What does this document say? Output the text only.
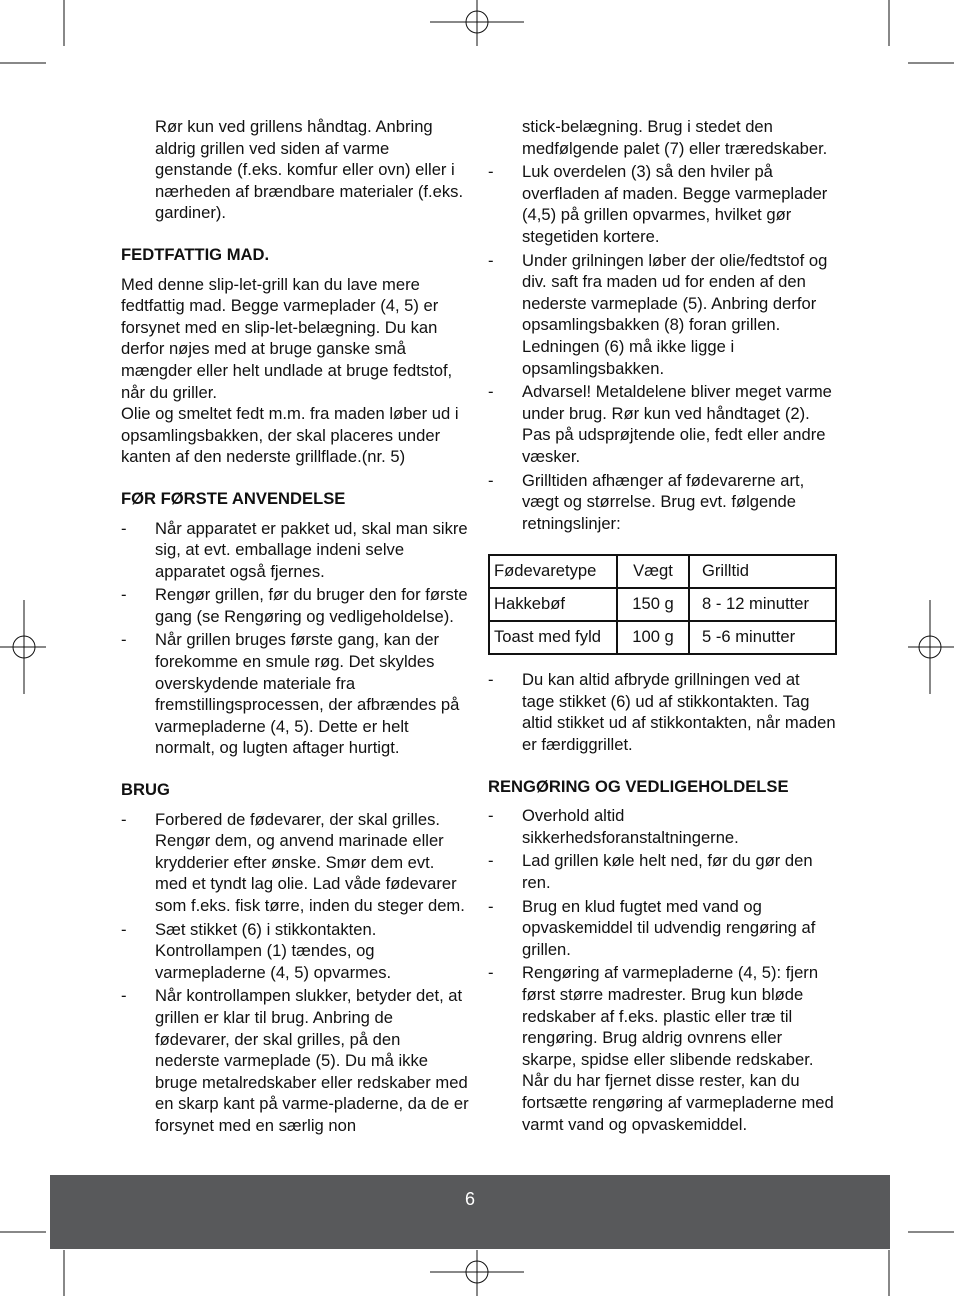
Rør kun ved grillens håndtag. Anbring aldrig grillen ved siden af varme genstande (f.eks. komfur eller ovn) eller i nærheden af brændbare materialer (f.eks. gardiner).

FEDTFATTIG MAD.

Med denne slip-let-grill kan du lave mere fedtfattig mad. Begge varmeplader (4, 5) er forsynet med en slip-let-belægning. Du kan derfor nøjes med at bruge ganske små mængder eller helt undlade at bruge fedtstof, når du griller.

Olie og smeltet fedt m.m. fra maden løber ud i opsamlingsbakken, der skal placeres under kanten af den nederste grillflade.(nr. 5)

FØR FØRSTE ANVENDELSE

- Når apparatet er pakket ud, skal man sikre sig, at evt. emballage indeni selve apparatet også fjernes.

- Rengør grillen, før du bruger den for første gang (se Rengøring og vedligeholdelse).

- Når grillen bruges første gang, kan der forekomme en smule røg. Det skyldes overskydende materiale fra fremstillingsprocessen, der afbrændes på varmepladerne (4, 5). Dette er helt normalt, og lugten aftager hurtigt.

BRUG

- Forbered de fødevarer, der skal grilles. Rengør dem, og anvend marinade eller krydderier efter ønske. Smør dem evt. med et tyndt lag olie. Lad våde fødevarer som f.eks. fisk tørre, inden du steger dem.

- Sæt stikket (6) i stikkontakten. Kontrollampen (1) tændes, og varmepladerne (4, 5) opvarmes.

- Når kontrollampen slukker, betyder det, at grillen er klar til brug. Anbring de fødevarer, der skal grilles, på den nederste varmeplade (5). Du må ikke bruge metalredskaber eller redskaber med en skarp kant på varme-pladerne, da de er forsynet med en særlig non

stick-belægning. Brug i stedet den medfølgende palet (7) eller træredskaber.

- Luk overdelen (3) så den hviler på overfladen af maden. Begge varmeplader (4,5) på grillen opvarmes, hvilket gør stegetiden kortere.

- Under grilningen løber der olie/fedtstof og div. saft fra maden ud for enden af den nederste varmeplade (5). Anbring derfor opsamlingsbakken (8) foran grillen. Ledningen (6) må ikke ligge i opsamlingsbakken.

- Advarsel! Metaldelene bliver meget varme under brug. Rør kun ved håndtaget (2). Pas på udsprøjtende olie, fedt eller andre væsker.

- Grilltiden afhænger af fødevarerne art, vægt og størrelse. Brug evt. følgende retningslinjer:

Fødevaretype	Vægt	Grilltid
Hakkebøf	150 g	8 - 12 minutter
Toast med fyld	100 g	5 -6 minutter

- Du kan altid afbryde grillningen ved at tage stikket (6) ud af stikkontakten. Tag altid stikket ud af stikkontakten, når maden er færdiggrillet.

RENGØRING OG VEDLIGEHOLDELSE

- Overhold altid sikkerhedsforanstaltningerne.

- Lad grillen køle helt ned, før du gør den ren.

- Brug en klud fugtet med vand og opvaskemiddel til udvendig rengøring af grillen.

- Rengøring af varmepladerne (4, 5): fjern først større madrester. Brug kun bløde redskaber af f.eks. plastic eller træ til rengøring. Brug aldrig ovnrens eller skarpe, spidse eller slibende redskaber. Når du har fjernet disse rester, kan du fortsætte rengøring af varmepladerne med varmt vand og opvaskemiddel.

6
